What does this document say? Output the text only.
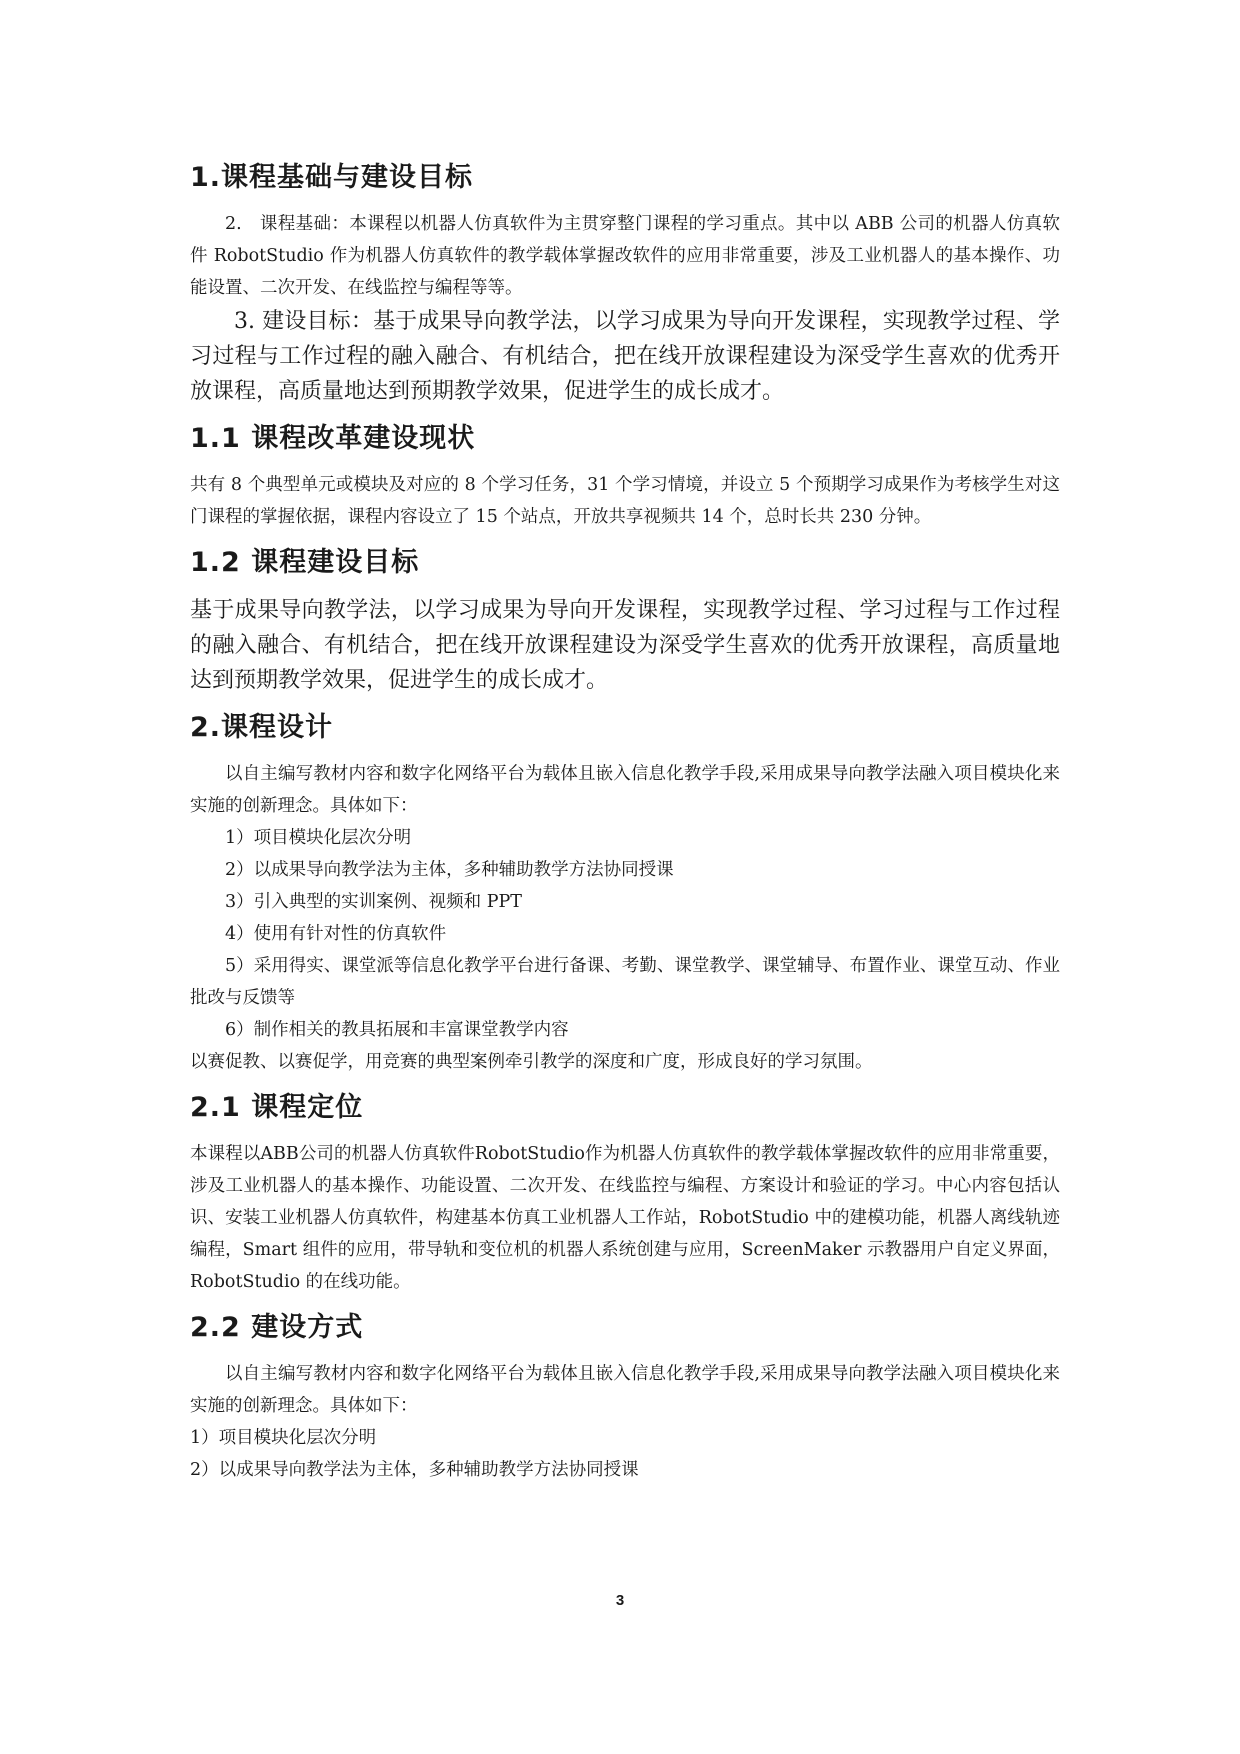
1.课程基础与建设目标

2.　课程基础：本课程以机器人仿真软件为主贯穿整门课程的学习重点。其中以 ABB 公司的机器人仿真软件 RobotStudio 作为机器人仿真软件的教学载体掌握改软件的应用非常重要，涉及工业机器人的基本操作、功能设置、二次开发、在线监控与编程等等。

3. 建设目标：基于成果导向教学法，以学习成果为导向开发课程，实现教学过程、学习过程与工作过程的融入融合、有机结合，把在线开放课程建设为深受学生喜欢的优秀开放课程，高质量地达到预期教学效果，促进学生的成长成才。

1.1 课程改革建设现状

共有 8 个典型单元或模块及对应的 8 个学习任务，31 个学习情境，并设立 5 个预期学习成果作为考核学生对这门课程的掌握依据，课程内容设立了 15 个站点，开放共享视频共 14 个，总时长共 230 分钟。

1.2 课程建设目标

基于成果导向教学法，以学习成果为导向开发课程，实现教学过程、学习过程与工作过程的融入融合、有机结合，把在线开放课程建设为深受学生喜欢的优秀开放课程，高质量地达到预期教学效果，促进学生的成长成才。

2.课程设计

以自主编写教材内容和数字化网络平台为载体且嵌入信息化教学手段,采用成果导向教学法融入项目模块化来实施的创新理念。具体如下：

1）项目模块化层次分明

2）以成果导向教学法为主体，多种辅助教学方法协同授课

3）引入典型的实训案例、视频和 PPT

4）使用有针对性的仿真软件

5）采用得实、课堂派等信息化教学平台进行备课、考勤、课堂教学、课堂辅导、布置作业、课堂互动、作业批改与反馈等

6）制作相关的教具拓展和丰富课堂教学内容

以赛促教、以赛促学，用竞赛的典型案例牵引教学的深度和广度，形成良好的学习氛围。

2.1 课程定位

本课程以ABB公司的机器人仿真软件RobotStudio作为机器人仿真软件的教学载体掌握改软件的应用非常重要，涉及工业机器人的基本操作、功能设置、二次开发、在线监控与编程、方案设计和验证的学习。中心内容包括认识、安装工业机器人仿真软件，构建基本仿真工业机器人工作站，RobotStudio 中的建模功能，机器人离线轨迹编程，Smart 组件的应用，带导轨和变位机的机器人系统创建与应用，ScreenMaker 示教器用户自定义界面，RobotStudio 的在线功能。

2.2 建设方式

以自主编写教材内容和数字化网络平台为载体且嵌入信息化教学手段,采用成果导向教学法融入项目模块化来实施的创新理念。具体如下：

1）项目模块化层次分明

2）以成果导向教学法为主体，多种辅助教学方法协同授课

3
